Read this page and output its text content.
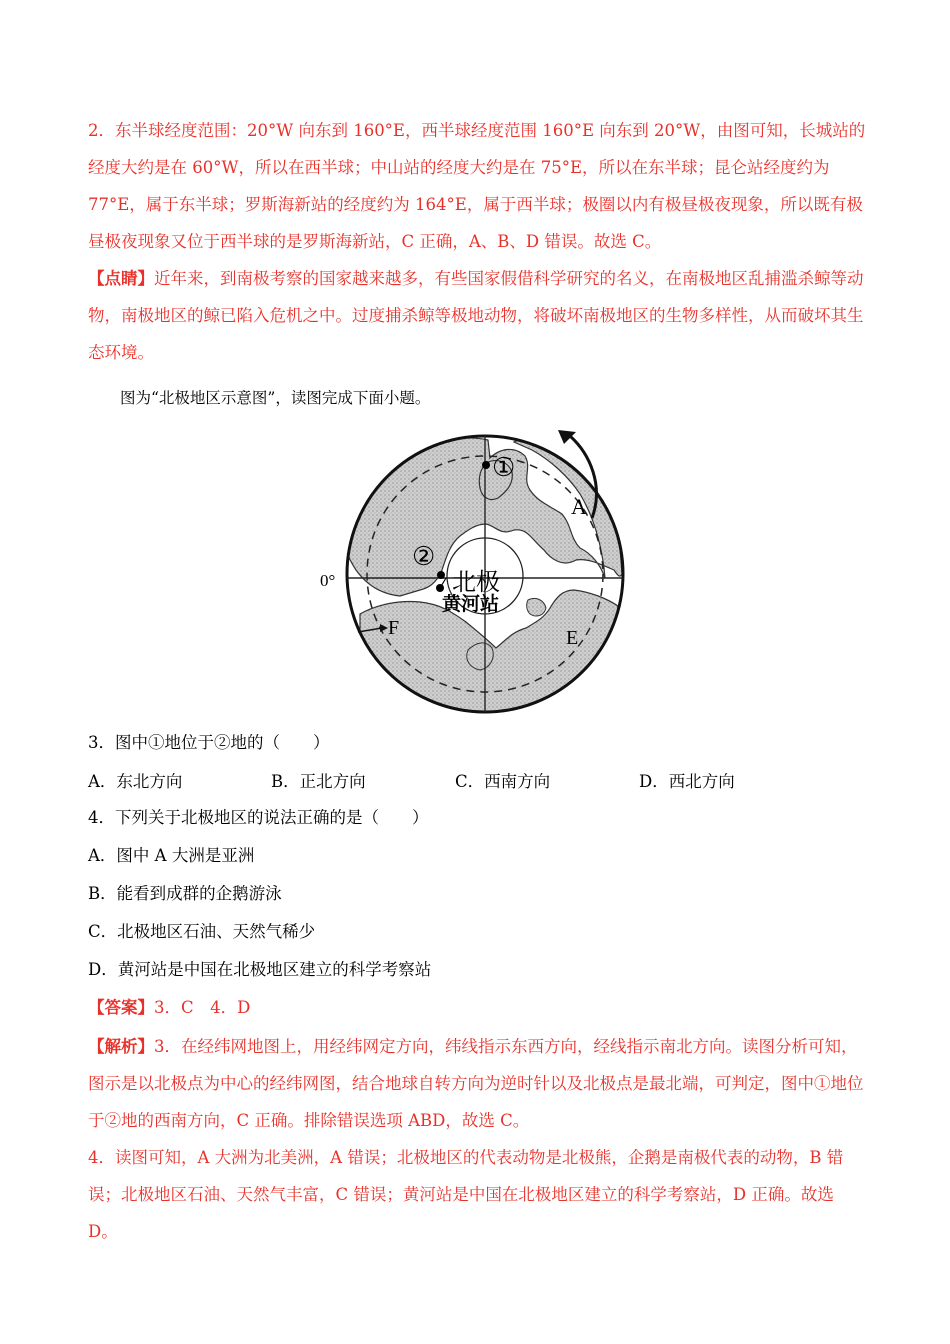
2．东半球经度范围：20°W 向东到 160°E，西半球经度范围 160°E 向东到 20°W，由图可知，长城站的经度大约是在 60°W，所以在西半球；中山站的经度大约是在 75°E，所以在东半球；昆仑站经度约为 77°E，属于东半球；罗斯海新站的经度约为 164°E，属于西半球；极圈以内有极昼极夜现象，所以既有极昼极夜现象又位于西半球的是罗斯海新站，C 正确，A、B、D 错误。故选 C。

【点睛】近年来，到南极考察的国家越来越多，有些国家假借科学研究的名义，在南极地区乱捕滥杀鲸等动物，南极地区的鲸已陷入危机之中。过度捕杀鲸等极地动物，将破坏南极地区的生物多样性，从而破坏其生态环境。

图为“北极地区示意图”，读图完成下面小题。
0°
①
②
北极
黄河站
A
E
F
3．图中①地位于②地的（　　）
A．东北方向	B．正北方向	C．西南方向	D．西北方向
4．下列关于北极地区的说法正确的是（　　）
A．图中 A 大洲是亚洲
B．能看到成群的企鹅游泳
C．北极地区石油、天然气稀少
D．黄河站是中国在北极地区建立的科学考察站
【答案】3．C　4．D

【解析】3．在经纬网地图上，用经纬网定方向，纬线指示东西方向，经线指示南北方向。读图分析可知，图示是以北极点为中心的经纬网图，结合地球自转方向为逆时针以及北极点是最北端，可判定，图中①地位于②地的西南方向，C 正确。排除错误选项 ABD，故选 C。

4．读图可知，A 大洲为北美洲，A 错误；北极地区的代表动物是北极熊，企鹅是南极代表的动物，B 错误；北极地区石油、天然气丰富，C 错误；黄河站是中国在北极地区建立的科学考察站，D 正确。故选 D。
